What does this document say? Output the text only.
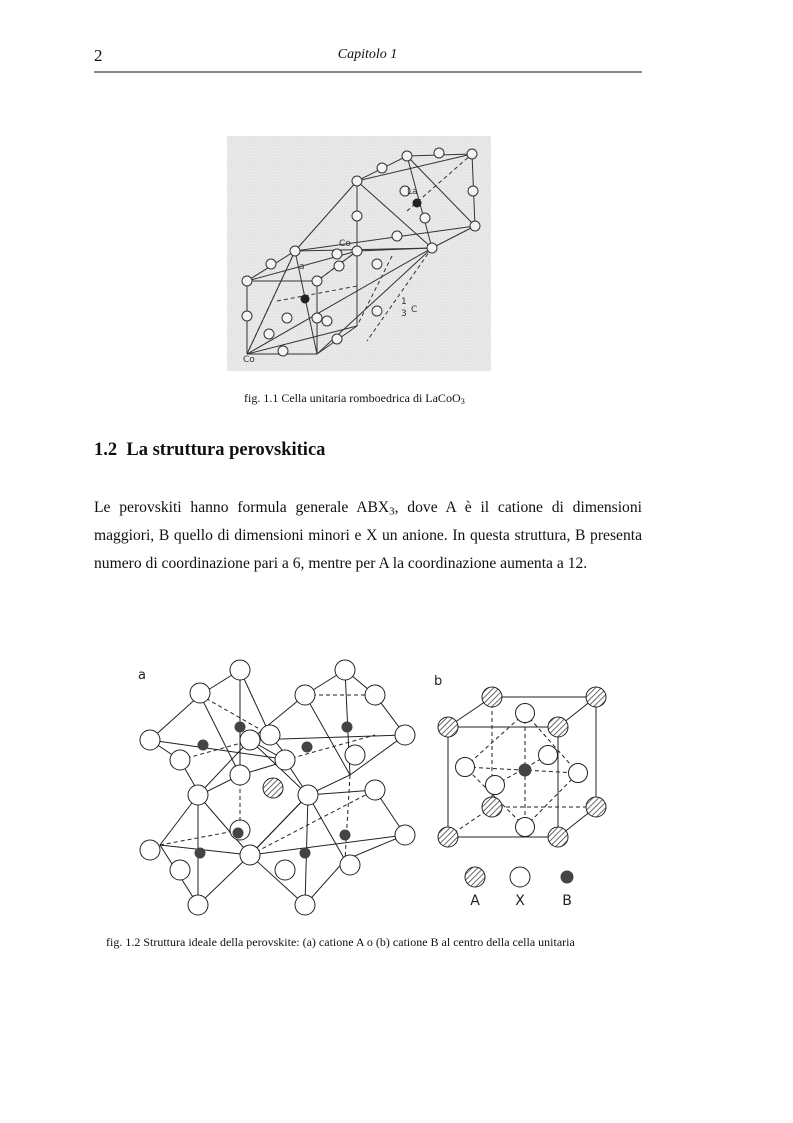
2	Capitolo 1
La
Co
Co
a
1
3 C
fig. 1.1 Cella unitaria romboedrica di LaCoO$_3$
1.2 La struttura perovskitica

Le perovskiti hanno formula generale $ABX_3$, dove A è il catione di dimensioni maggiori, B quello di dimensioni minori e X un anione. In questa struttura, B presenta numero di coordinazione pari a 6, mentre per A la coordinazione aumenta a 12.

a	b
A	X	B
fig. 1.2 Struttura ideale della perovskite: (a) catione A o (b) catione B al centro della cella unitaria
